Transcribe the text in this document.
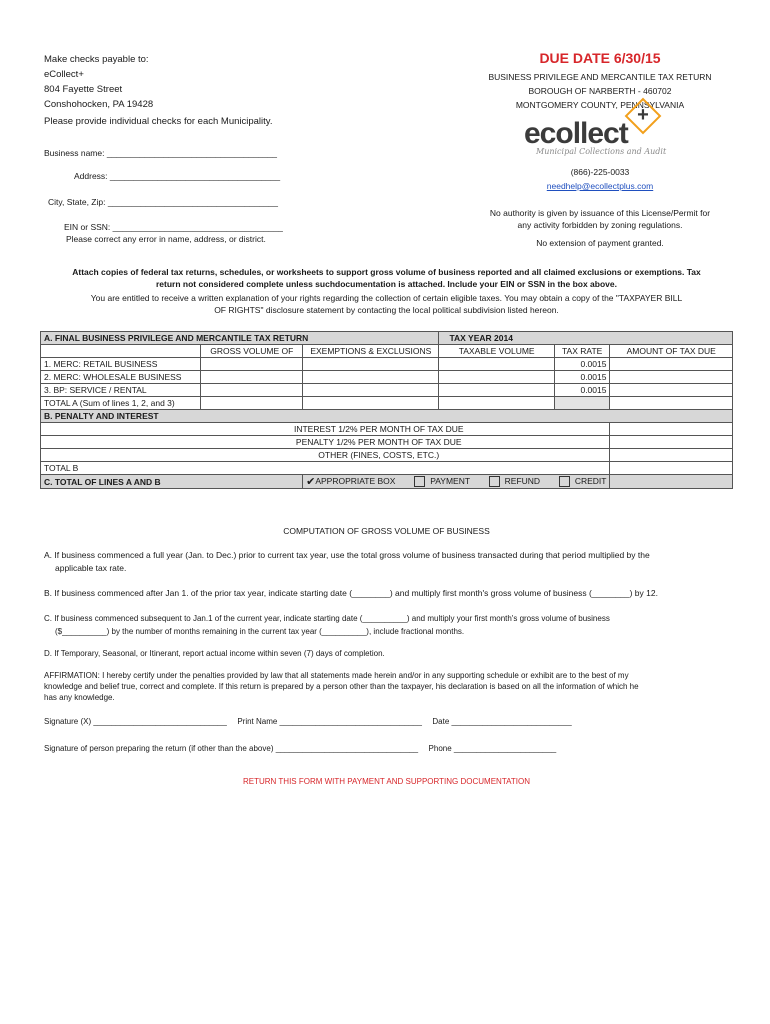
Make checks payable to:
eCollect+
804 Fayette Street
Conshohocken, PA 19428
Please provide individual checks for each Municipality.
Business name: ____________________________________
Address: ____________________________________
City, State, Zip: ____________________________________
EIN or SSN: ____________________________________
Please correct any error in name, address, or district.
DUE DATE 6/30/15
BUSINESS PRIVILEGE AND MERCANTILE TAX RETURN
BOROUGH OF NARBERTH - 460702
MONTGOMERY COUNTY, PENNSYLVANIA
ecollect
+
Municipal Collections and Audit
(866)-225-0033
needhelp@ecollectplus.com
No authority is given by issuance of this License/Permit for
any activity forbidden by zoning regulations.
No extension of payment granted.
Attach copies of federal tax returns, schedules, or worksheets to support gross volume of business reported and all claimed exclusions or exemptions. Tax
return not considered complete unless suchdocumentation is attached. Include your EIN or SSN in the box above.
You are entitled to receive a written explanation of your rights regarding the collection of certain eligible taxes. You may obtain a copy of the "TAXPAYER BILL
OF RIGHTS" disclosure statement by contacting the local political subdivision listed hereon.
A. FINAL BUSINESS PRIVILEGE AND MERCANTILE TAX RETURN			TAX YEAR 2014		
	GROSS VOLUME OF	EXEMPTIONS & EXCLUSIONS	TAXABLE VOLUME	TAX RATE	AMOUNT OF TAX DUE
1. MERC: RETAIL BUSINESS				0.0015	
2. MERC: WHOLESALE BUSINESS				0.0015	
3. BP: SERVICE / RENTAL				0.0015	
TOTAL A (Sum of lines 1, 2, and 3)					
B. PENALTY AND INTEREST					
INTEREST 1/2% PER MONTH OF TAX DUE					
PENALTY 1/2% PER MONTH OF TAX DUE					
OTHER (FINES, COSTS, ETC.)					
TOTAL B					
C. TOTAL OF LINES A AND B		✔APPROPRIATE BOX PAYMENT REFUND CREDIT			
COMPUTATION OF GROSS VOLUME OF BUSINESS
A. If business commenced a full year (Jan. to Dec.) prior to current tax year, use the total gross volume of business transacted during that period multiplied by the
applicable tax rate.
B. If business commenced after Jan 1. of the prior tax year, indicate starting date (________) and multiply first month's gross volume of business (________) by 12.
C. If business commenced subsequent to Jan.1 of the current year, indicate starting date (__________) and multiply your first month's gross volume of business
($__________) by the number of months remaining in the current tax year (__________), include fractional months.
D. If Temporary, Seasonal, or Itinerant, report actual income within seven (7) days of completion.
AFFIRMATION: I hereby certify under the penalties provided by law that all statements made herein and/or in any supporting schedule or exhibit are to the best of my
knowledge and belief true, correct and complete. If this return is prepared by a person other than the taxpayer, his declaration is based on all the information of which he
has any knowledge.
Signature (X) ______________________________ Print Name ________________________________ Date ___________________________
Signature of person preparing the return (if other than the above) ________________________________ Phone _______________________
RETURN THIS FORM WITH PAYMENT AND SUPPORTING DOCUMENTATION
